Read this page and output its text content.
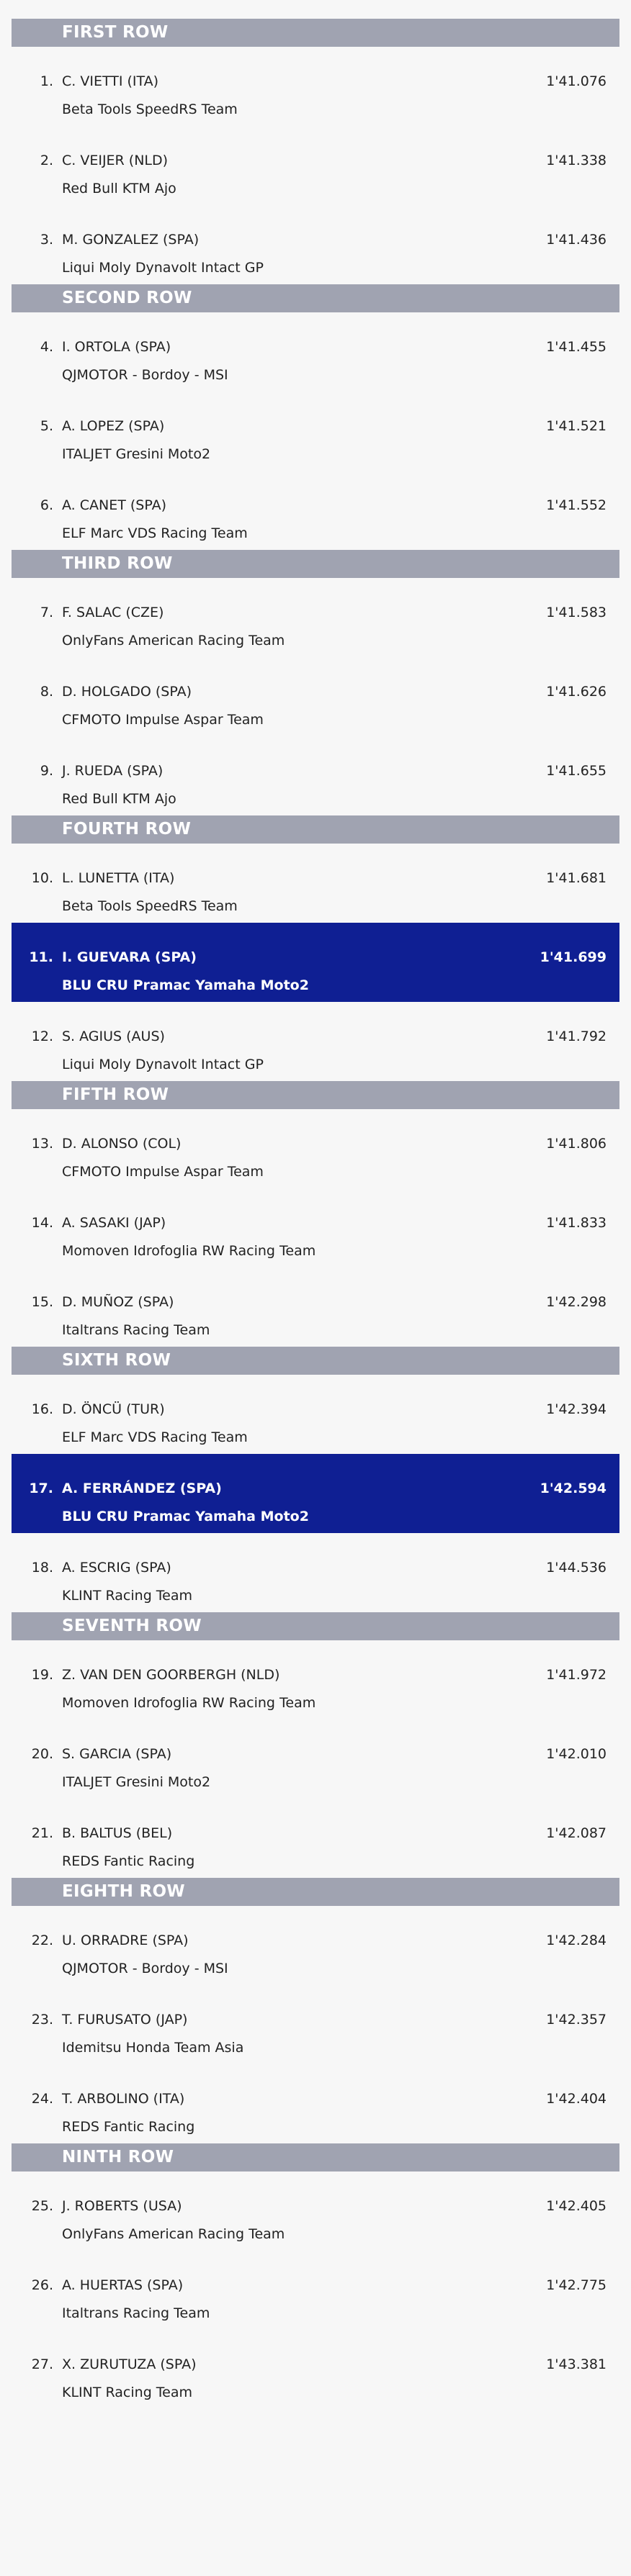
FIRST ROW
1. C. VIETTI (ITA)
Beta Tools SpeedRS Team
1'41.076
2. C. VEIJER (NLD)
Red Bull KTM Ajo
1'41.338
3. M. GONZALEZ (SPA)
Liqui Moly Dynavolt Intact GP
1'41.436
SECOND ROW
4. I. ORTOLA (SPA)
QJMOTOR - Bordoy - MSI
1'41.455
5. A. LOPEZ (SPA)
ITALJET Gresini Moto2
1'41.521
6. A. CANET (SPA)
ELF Marc VDS Racing Team
1'41.552
THIRD ROW
7. F. SALAC (CZE)
OnlyFans American Racing Team
1'41.583
8. D. HOLGADO (SPA)
CFMOTO Impulse Aspar Team
1'41.626
9. J. RUEDA (SPA)
Red Bull KTM Ajo
1'41.655
FOURTH ROW
10. L. LUNETTA (ITA)
Beta Tools SpeedRS Team
1'41.681
11. I. GUEVARA (SPA)
BLU CRU Pramac Yamaha Moto2
1'41.699
12. S. AGIUS (AUS)
Liqui Moly Dynavolt Intact GP
1'41.792
FIFTH ROW
13. D. ALONSO (COL)
CFMOTO Impulse Aspar Team
1'41.806
14. A. SASAKI (JAP)
Momoven Idrofoglia RW Racing Team
1'41.833
15. D. MUÑOZ (SPA)
Italtrans Racing Team
1'42.298
SIXTH ROW
16. D. ÖNCÜ (TUR)
ELF Marc VDS Racing Team
1'42.394
17. A. FERRÁNDEZ (SPA)
BLU CRU Pramac Yamaha Moto2
1'42.594
18. A. ESCRIG (SPA)
KLINT Racing Team
1'44.536
SEVENTH ROW
19. Z. VAN DEN GOORBERGH (NLD)
Momoven Idrofoglia RW Racing Team
1'41.972
20. S. GARCIA (SPA)
ITALJET Gresini Moto2
1'42.010
21. B. BALTUS (BEL)
REDS Fantic Racing
1'42.087
EIGHTH ROW
22. U. ORRADRE (SPA)
QJMOTOR - Bordoy - MSI
1'42.284
23. T. FURUSATO (JAP)
Idemitsu Honda Team Asia
1'42.357
24. T. ARBOLINO (ITA)
REDS Fantic Racing
1'42.404
NINTH ROW
25. J. ROBERTS (USA)
OnlyFans American Racing Team
1'42.405
26. A. HUERTAS (SPA)
Italtrans Racing Team
1'42.775
27. X. ZURUTUZA (SPA)
KLINT Racing Team
1'43.381
